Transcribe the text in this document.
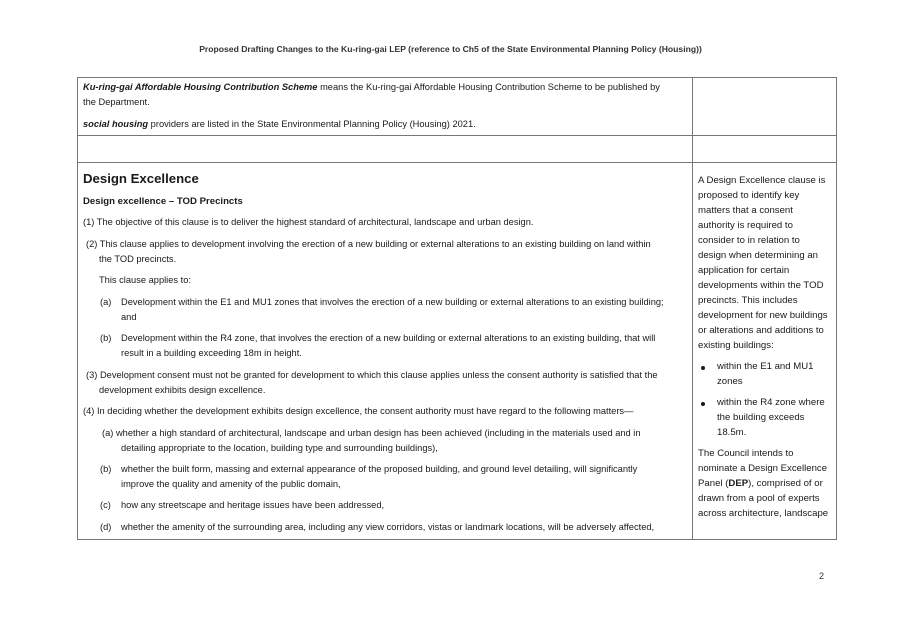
Proposed Drafting Changes to the Ku-ring-gai LEP (reference to Ch5 of the State Environmental Planning Policy (Housing))
Ku-ring-gai Affordable Housing Contribution Scheme means the Ku-ring-gai Affordable Housing Contribution Scheme to be published by
the Department.
social housing providers are listed in the State Environmental Planning Policy (Housing) 2021.
Design Excellence
Design excellence – TOD Precincts
(1) The objective of this clause is to deliver the highest standard of architectural, landscape and urban design.
(2) This clause applies to development involving the erection of a new building or external alterations to an existing building on land within
the TOD precincts.
This clause applies to:
(a) Development within the E1 and MU1 zones that involves the erection of a new building or external alterations to an existing building;
and
(b) Development within the R4 zone, that involves the erection of a new building or external alterations to an existing building, that will
result in a building exceeding 18m in height.
(3) Development consent must not be granted for development to which this clause applies unless the consent authority is satisfied that the
development exhibits design excellence.
(4) In deciding whether the development exhibits design excellence, the consent authority must have regard to the following matters—
(a) whether a high standard of architectural, landscape and urban design has been achieved (including in the materials used and in
detailing appropriate to the location, building type and surrounding buildings),
(b) whether the built form, massing and external appearance of the proposed building, and ground level detailing, will significantly
improve the quality and amenity of the public domain,
(c) how any streetscape and heritage issues have been addressed,
(d) whether the amenity of the surrounding area, including any view corridors, vistas or landmark locations, will be adversely affected,
A Design Excellence clause is
proposed to identify key
matters that a consent
authority is required to
consider to in relation to
design when determining an
application for certain
developments within the TOD
precincts. This includes
development for new buildings
or alterations and additions to
existing buildings:
within the E1 and MU1
zones
within the R4 zone where
the building exceeds
18.5m.
The Council intends to
nominate a Design Excellence
Panel (DEP), comprised of or
drawn from a pool of experts
across architecture, landscape
2
